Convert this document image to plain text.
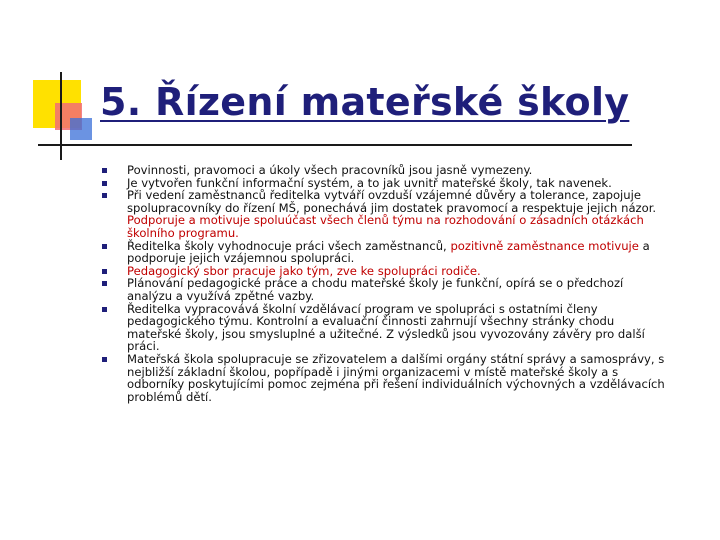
5. Řízení mateřské školy
Povinnosti, pravomoci a úkoly všech pracovníků jsou jasně vymezeny.
Je vytvořen funkční informační systém, a to jak uvnitř mateřské školy, tak navenek.
Při vedení zaměstnanců ředitelka vytváří ovzduší vzájemné důvěry a tolerance, zapojuje spolupracovníky do řízení MŠ, ponechává jim dostatek pravomocí a respektuje jejich názor. Podporuje a motivuje spoluúčast všech členů týmu na rozhodování o zásadních otázkách školního programu.
Ředitelka školy vyhodnocuje práci všech zaměstnanců, pozitivně zaměstnance motivuje a podporuje jejich vzájemnou spolupráci.
Pedagogický sbor pracuje jako tým, zve ke spolupráci rodiče.
Plánování pedagogické práce a chodu mateřské školy je funkční, opírá se o předchozí analýzu a využívá zpětné vazby.
Ředitelka vypracovává školní vzdělávací program ve spolupráci s ostatními členy pedagogického týmu. Kontrolní a evaluační činnosti zahrnují všechny stránky chodu mateřské školy, jsou smysluplné a užitečné. Z výsledků jsou vyvozovány závěry pro další práci.
Mateřská škola spolupracuje se zřizovatelem a dalšími orgány státní správy a samosprávy, s nejbližší základní školou, popřípadě i jinými organizacemi v místě mateřské školy a s odborníky poskytujícími pomoc zejména při řešení individuálních výchovných a vzdělávacích problémů dětí.
